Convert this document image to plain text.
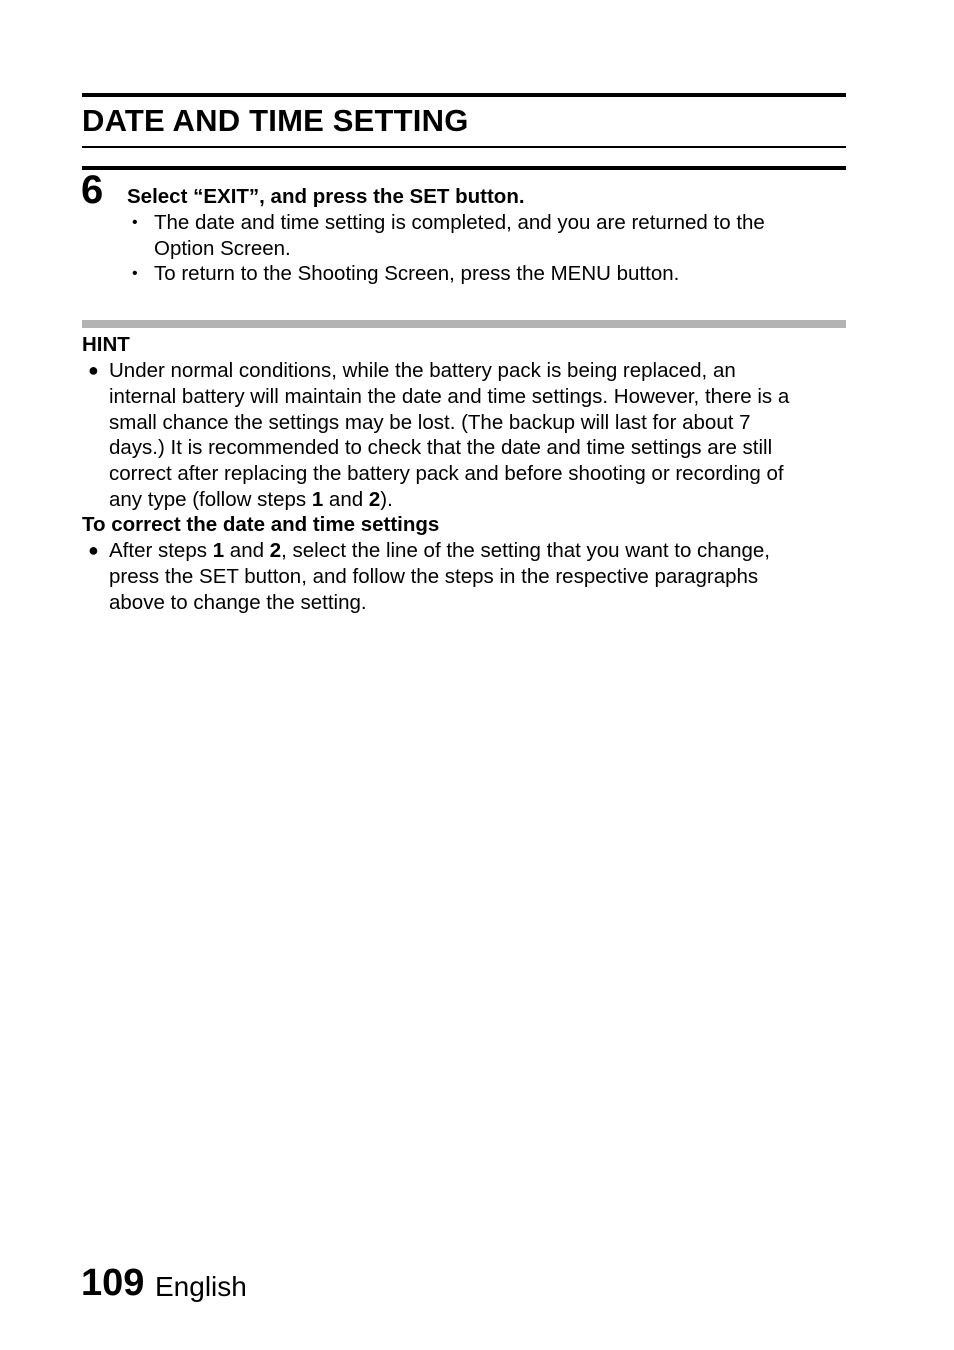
DATE AND TIME SETTING
6 Select “EXIT”, and press the SET button.
• The date and time setting is completed, and you are returned to the
Option Screen.
• To return to the Shooting Screen, press the MENU button.
HINT
● Under normal conditions, while the battery pack is being replaced, an
internal battery will maintain the date and time settings. However, there is a
small chance the settings may be lost. (The backup will last for about 7
days.) It is recommended to check that the date and time settings are still
correct after replacing the battery pack and before shooting or recording of
any type (follow steps 1 and 2).
To correct the date and time settings
● After steps 1 and 2, select the line of the setting that you want to change,
press the SET button, and follow the steps in the respective paragraphs
above to change the setting.
109 English
